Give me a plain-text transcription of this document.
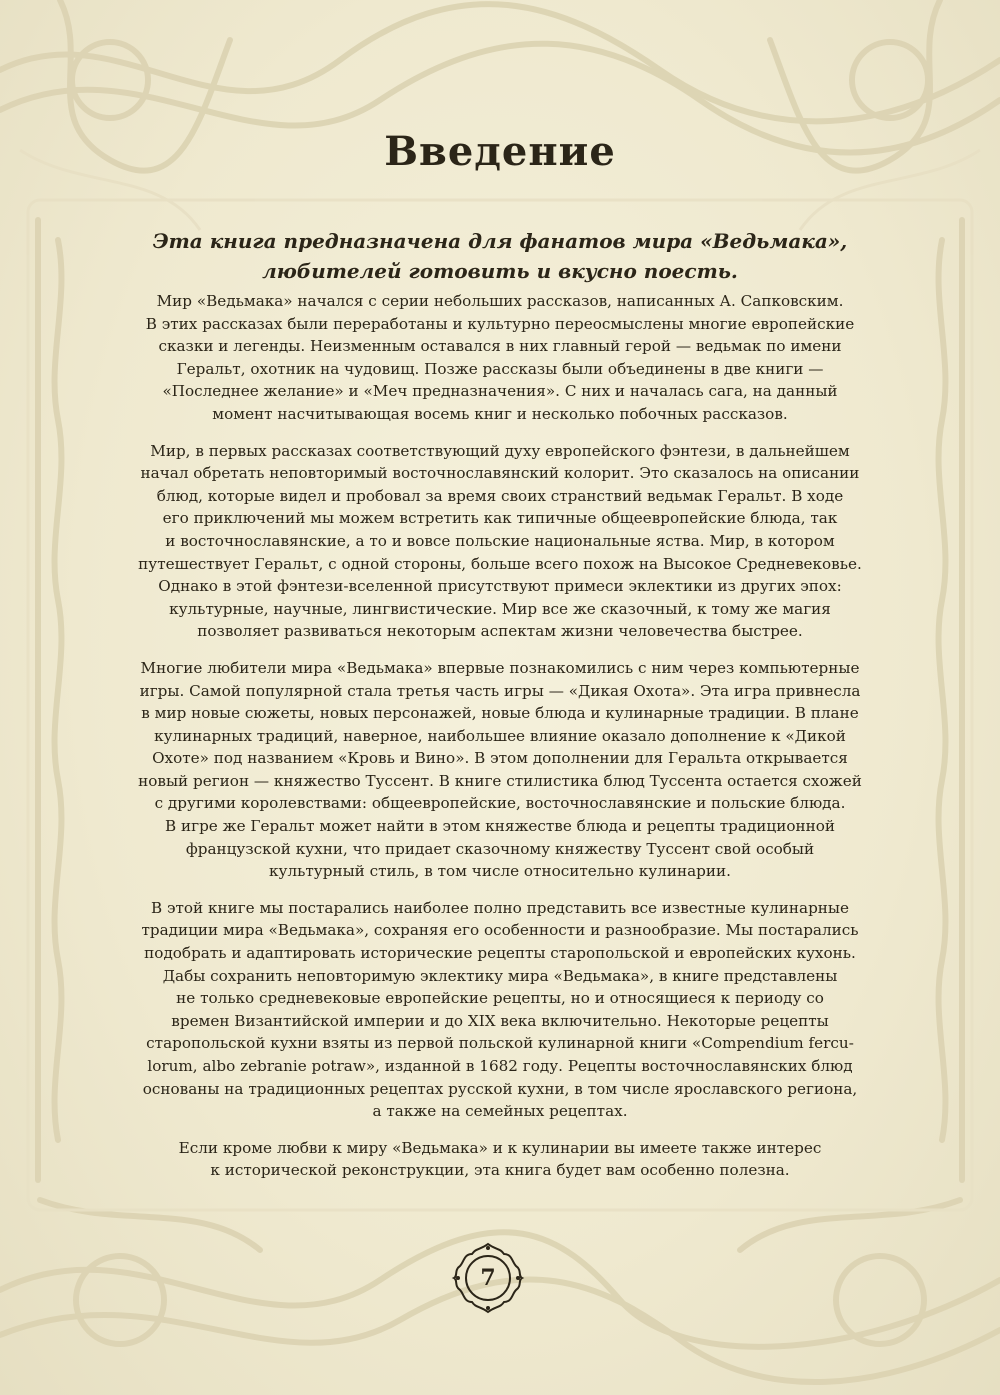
Введение
Эта книга предназначена для фанатов мира «Ведьмака»,
любителей готовить и вкусно поесть.
Мир «Ведьмака» начался с серии небольших рассказов, написанных А. Сапковским.
В этих рассказах были переработаны и культурно переосмыслены многие европейские
сказки и легенды. Неизменным оставался в них главный герой — ведьмак по имени
Геральт, охотник на чудовищ. Позже рассказы были объединены в две книги —
«Последнее желание» и «Меч предназначения». С них и началась сага, на данный
момент насчитывающая восемь книг и несколько побочных рассказов.
Мир, в первых рассказах соответствующий духу европейского фэнтези, в дальнейшем
начал обретать неповторимый восточнославянский колорит. Это сказалось на описании
блюд, которые видел и пробовал за время своих странствий ведьмак Геральт. В ходе
его приключений мы можем встретить как типичные общеевропейские блюда, так
и восточнославянские, а то и вовсе польские национальные яства. Мир, в котором
путешествует Геральт, с одной стороны, больше всего похож на Высокое Средневековье.
Однако в этой фэнтези-вселенной присутствуют примеси эклектики из других эпох:
культурные, научные, лингвистические. Мир все же сказочный, к тому же магия
позволяет развиваться некоторым аспектам жизни человечества быстрее.
Многие любители мира «Ведьмака» впервые познакомились с ним через компьютерные
игры. Самой популярной стала третья часть игры — «Дикая Охота». Эта игра привнесла
в мир новые сюжеты, новых персонажей, новые блюда и кулинарные традиции. В плане
кулинарных традиций, наверное, наибольшее влияние оказало дополнение к «Дикой
Охоте» под названием «Кровь и Вино». В этом дополнении для Геральта открывается
новый регион — княжество Туссент. В книге стилистика блюд Туссента остается схожей
с другими королевствами: общеевропейские, восточнославянские и польские блюда.
В игре же Геральт может найти в этом княжестве блюда и рецепты традиционной
французской кухни, что придает сказочному княжеству Туссент свой особый
культурный стиль, в том числе относительно кулинарии.
В этой книге мы постарались наиболее полно представить все известные кулинарные
традиции мира «Ведьмака», сохраняя его особенности и разнообразие. Мы постарались
подобрать и адаптировать исторические рецепты старопольской и европейских кухонь.
Дабы сохранить неповторимую эклектику мира «Ведьмака», в книге представлены
не только средневековые европейские рецепты, но и относящиеся к периоду со
времен Византийской империи и до XIX века включительно. Некоторые рецепты
старопольской кухни взяты из первой польской кулинарной книги «Compendium fercu-
lorum, albo zebranie potraw», изданной в 1682 году. Рецепты восточнославянских блюд
основаны на традиционных рецептах русской кухни, в том числе ярославского региона,
а также на семейных рецептах.
Если кроме любви к миру «Ведьмака» и к кулинарии вы имеете также интерес
к исторической реконструкции, эта книга будет вам особенно полезна.
7
